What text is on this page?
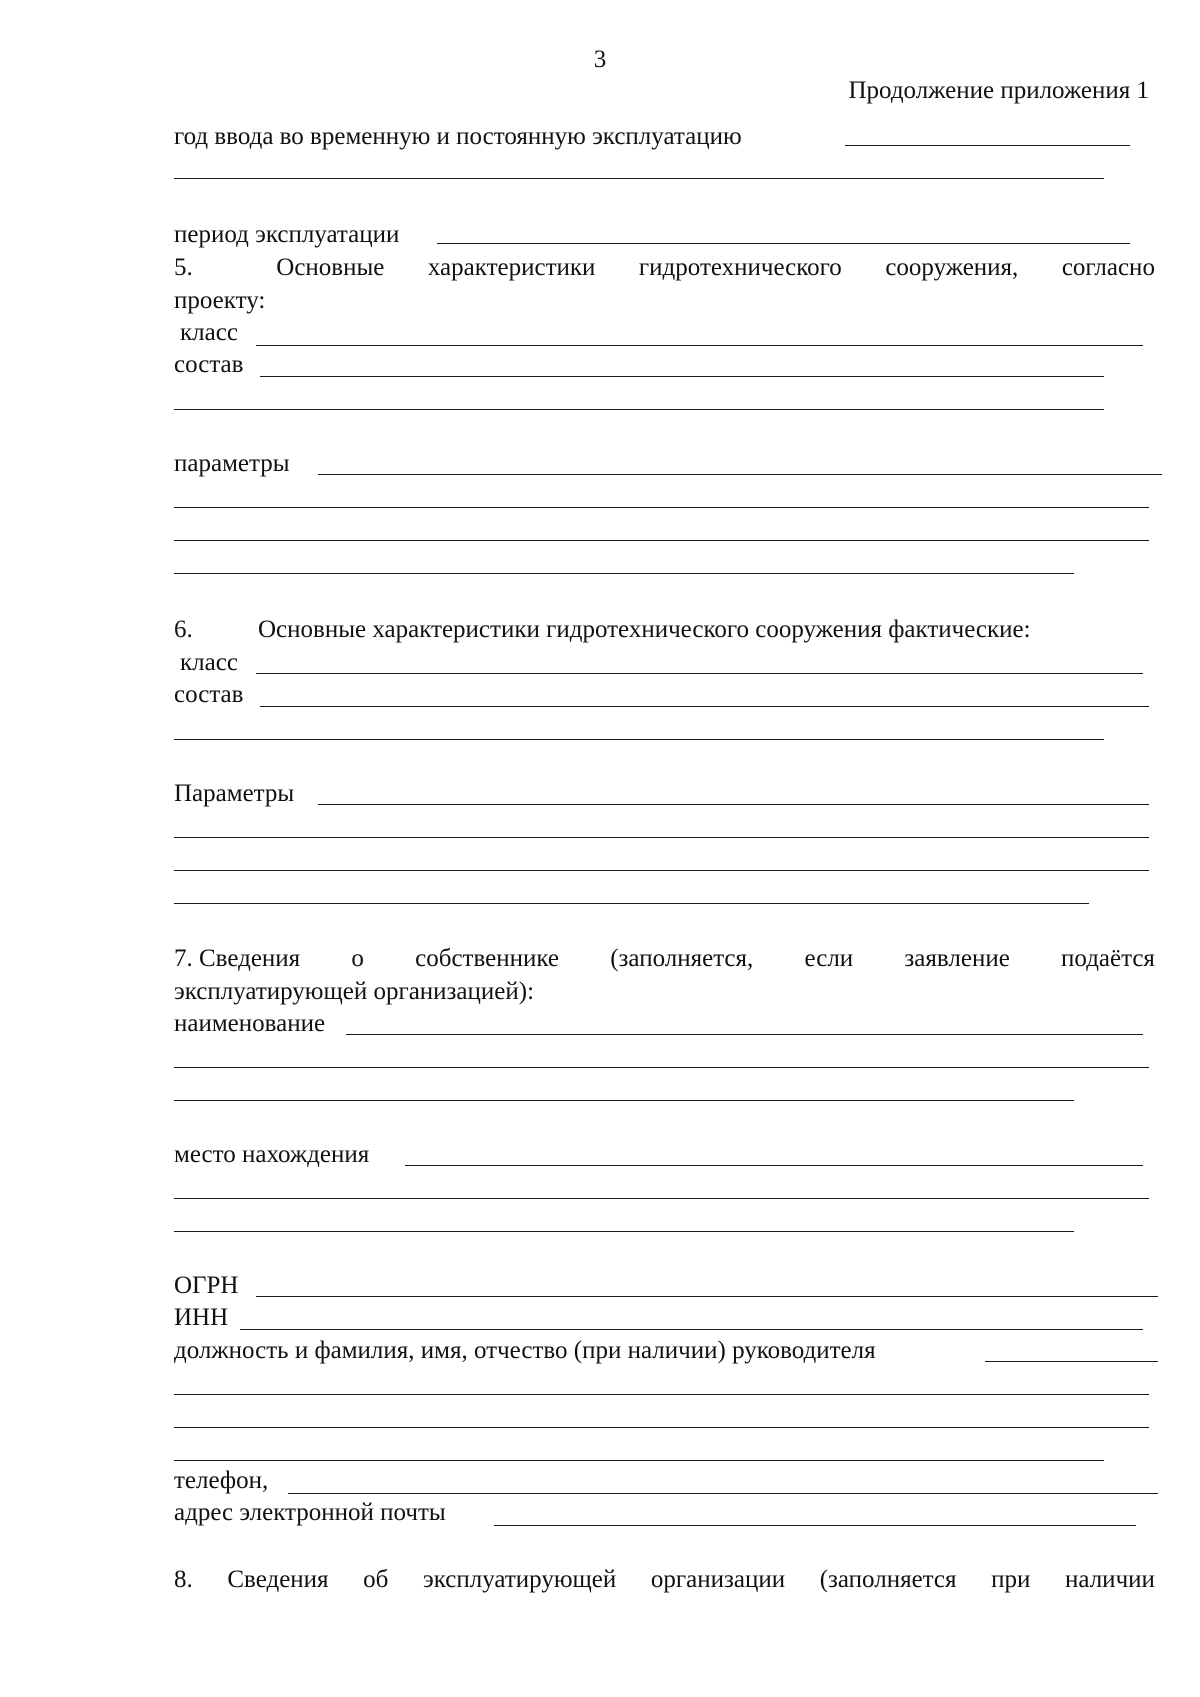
3
Продолжение приложения 1
год ввода во временную и постоянную эксплуатацию
период эксплуатации
5.	Основные характеристики гидротехнического сооружения, согласно
проекту:
класс
состав
параметры
6.	Основные характеристики гидротехнического сооружения фактические:
класс
состав
Параметры
7. Сведения о собственнике (заполняется, если заявление подаётся
эксплуатирующей организацией):
наименование
место нахождения
ОГРН
ИНН
должность и фамилия, имя, отчество (при наличии) руководителя
телефон,
адрес электронной почты
8. Сведения об эксплуатирующей организации (заполняется при наличии
